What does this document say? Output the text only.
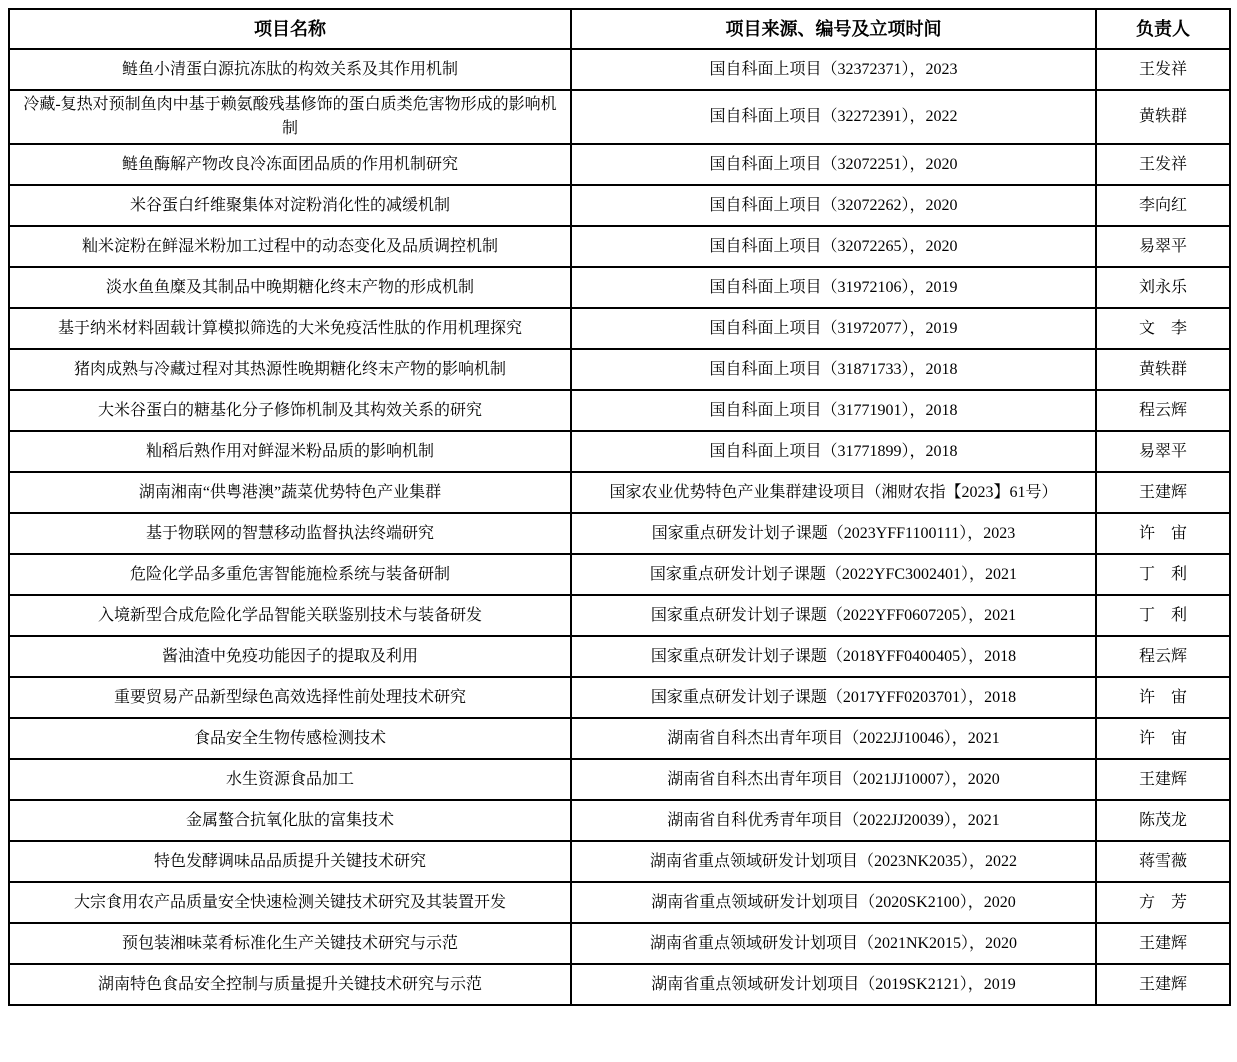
项目名称	项目来源、编号及立项时间	负责人
鲢鱼小清蛋白源抗冻肽的构效关系及其作用机制	国自科面上项目（32372371），2023	王发祥
冷藏-复热对预制鱼肉中基于赖氨酸残基修饰的蛋白质类危害物形成的影响机制	国自科面上项目（32272391），2022	黄轶群
鲢鱼酶解产物改良冷冻面团品质的作用机制研究	国自科面上项目（32072251），2020	王发祥
米谷蛋白纤维聚集体对淀粉消化性的减缓机制	国自科面上项目（32072262），2020	李向红
籼米淀粉在鲜湿米粉加工过程中的动态变化及品质调控机制	国自科面上项目（32072265），2020	易翠平
淡水鱼鱼糜及其制品中晚期糖化终末产物的形成机制	国自科面上项目（31972106），2019	刘永乐
基于纳米材料固载计算模拟筛选的大米免疫活性肽的作用机理探究	国自科面上项目（31972077），2019	文　李
猪肉成熟与冷藏过程对其热源性晚期糖化终末产物的影响机制	国自科面上项目（31871733），2018	黄轶群
大米谷蛋白的糖基化分子修饰机制及其构效关系的研究	国自科面上项目（31771901），2018	程云辉
籼稻后熟作用对鲜湿米粉品质的影响机制	国自科面上项目（31771899），2018	易翠平
湖南湘南“供粤港澳”蔬菜优势特色产业集群	国家农业优势特色产业集群建设项目（湘财农指【2023】61号）	王建辉
基于物联网的智慧移动监督执法终端研究	国家重点研发计划子课题（2023YFF1100111），2023	许　宙
危险化学品多重危害智能施检系统与装备研制	国家重点研发计划子课题（2022YFC3002401），2021	丁　利
入境新型合成危险化学品智能关联鉴别技术与装备研发	国家重点研发计划子课题（2022YFF0607205），2021	丁　利
酱油渣中免疫功能因子的提取及利用	国家重点研发计划子课题（2018YFF0400405），2018	程云辉
重要贸易产品新型绿色高效选择性前处理技术研究	国家重点研发计划子课题（2017YFF0203701），2018	许　宙
食品安全生物传感检测技术	湖南省自科杰出青年项目（2022JJ10046），2021	许　宙
水生资源食品加工	湖南省自科杰出青年项目（2021JJ10007），2020	王建辉
金属螯合抗氧化肽的富集技术	湖南省自科优秀青年项目（2022JJ20039），2021	陈茂龙
特色发酵调味品品质提升关键技术研究	湖南省重点领域研发计划项目（2023NK2035），2022	蒋雪薇
大宗食用农产品质量安全快速检测关键技术研究及其装置开发	湖南省重点领域研发计划项目（2020SK2100），2020	方　芳
预包装湘味菜肴标准化生产关键技术研究与示范	湖南省重点领域研发计划项目（2021NK2015），2020	王建辉
湖南特色食品安全控制与质量提升关键技术研究与示范	湖南省重点领域研发计划项目（2019SK2121），2019	王建辉
